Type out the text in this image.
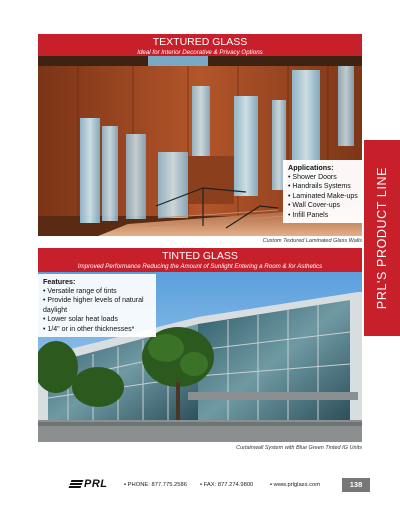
TEXTURED GLASS
Ideal for Interior Decorative & Privacy Options
Applications:
• Shower Doors
• Handrails Systems
• Laminated Make-ups
• Wall Cover-ups
• Infill Panels
Custom Textured Laminated Glass Walls
TINTED GLASS
Improved Performance Reducing the Amount of Sunlight Entering a Room & for Asthetics
Features:
• Versatile range of tints
• Provide higher levels of natural daylight
• Lower solar heat loads
• 1/4" or in other thicknesses*
Curtainwall System with Blue Green Tinted IG Units
PRL'S PRODUCT LINE
PRL	• PHONE: 877.775.2586	• FAX: 877.274.9800	• www.prlglass.com	138
